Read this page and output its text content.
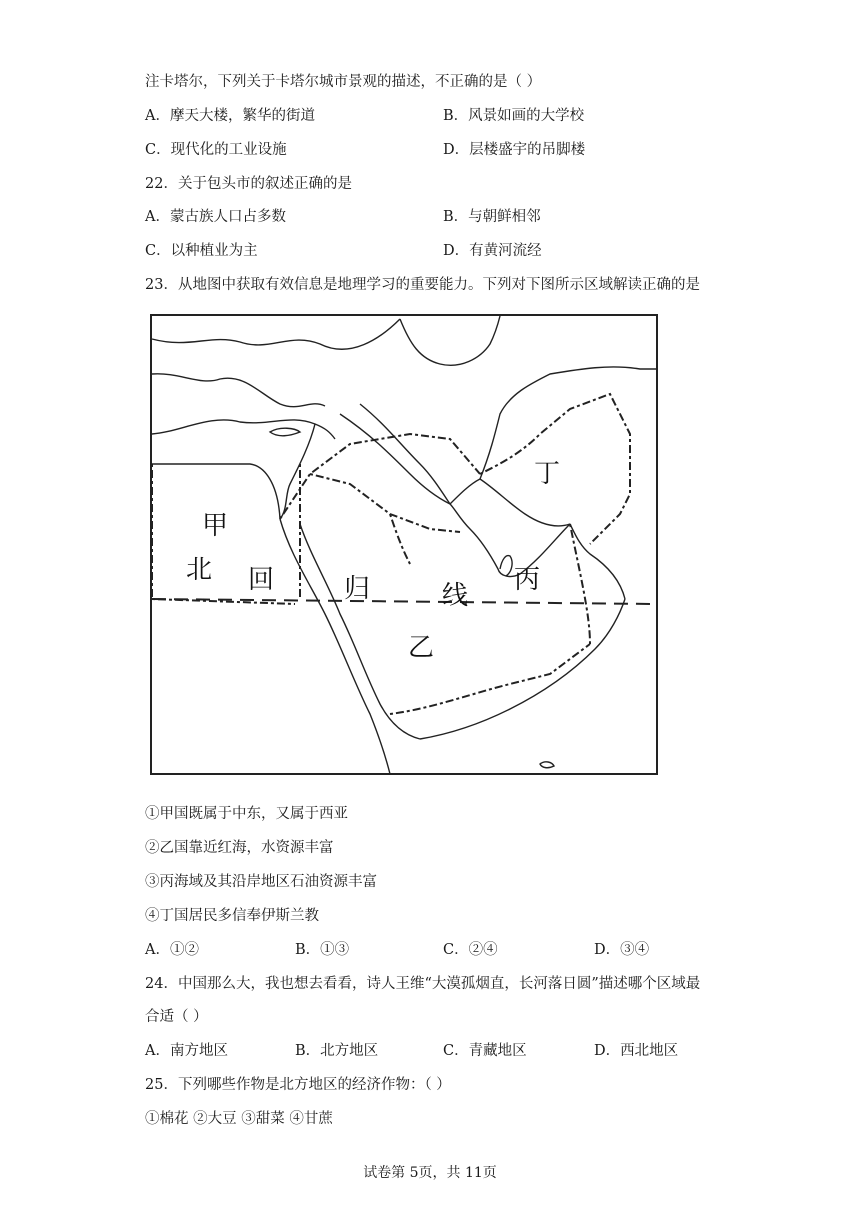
注卡塔尔，下列关于卡塔尔城市景观的描述，不正确的是（ ）
A．摩天大楼，繁华的街道	B．风景如画的大学校
C．现代化的工业设施	D．层楼盛宇的吊脚楼
22．关于包头市的叙述正确的是
A．蒙古族人口占多数	B．与朝鲜相邻
C．以种植业为主	D．有黄河流经
23．从地图中获取有效信息是地理学习的重要能力。下列对下图所示区域解读正确的是
甲
北 回	归	线
丙
丁
乙
①甲国既属于中东，又属于西亚
②乙国靠近红海，水资源丰富
③丙海域及其沿岸地区石油资源丰富
④丁国居民多信奉伊斯兰教
A．①②	B．①③	C．②④	D．③④
24．中国那么大，我也想去看看，诗人王维“大漠孤烟直，长河落日圆”描述哪个区域最
合适（ ）
A．南方地区	B．北方地区	C．青藏地区	D．西北地区
25．下列哪些作物是北方地区的经济作物：（ ）
①棉花 ②大豆 ③甜菜 ④甘蔗
试卷第 5页，共 11页
